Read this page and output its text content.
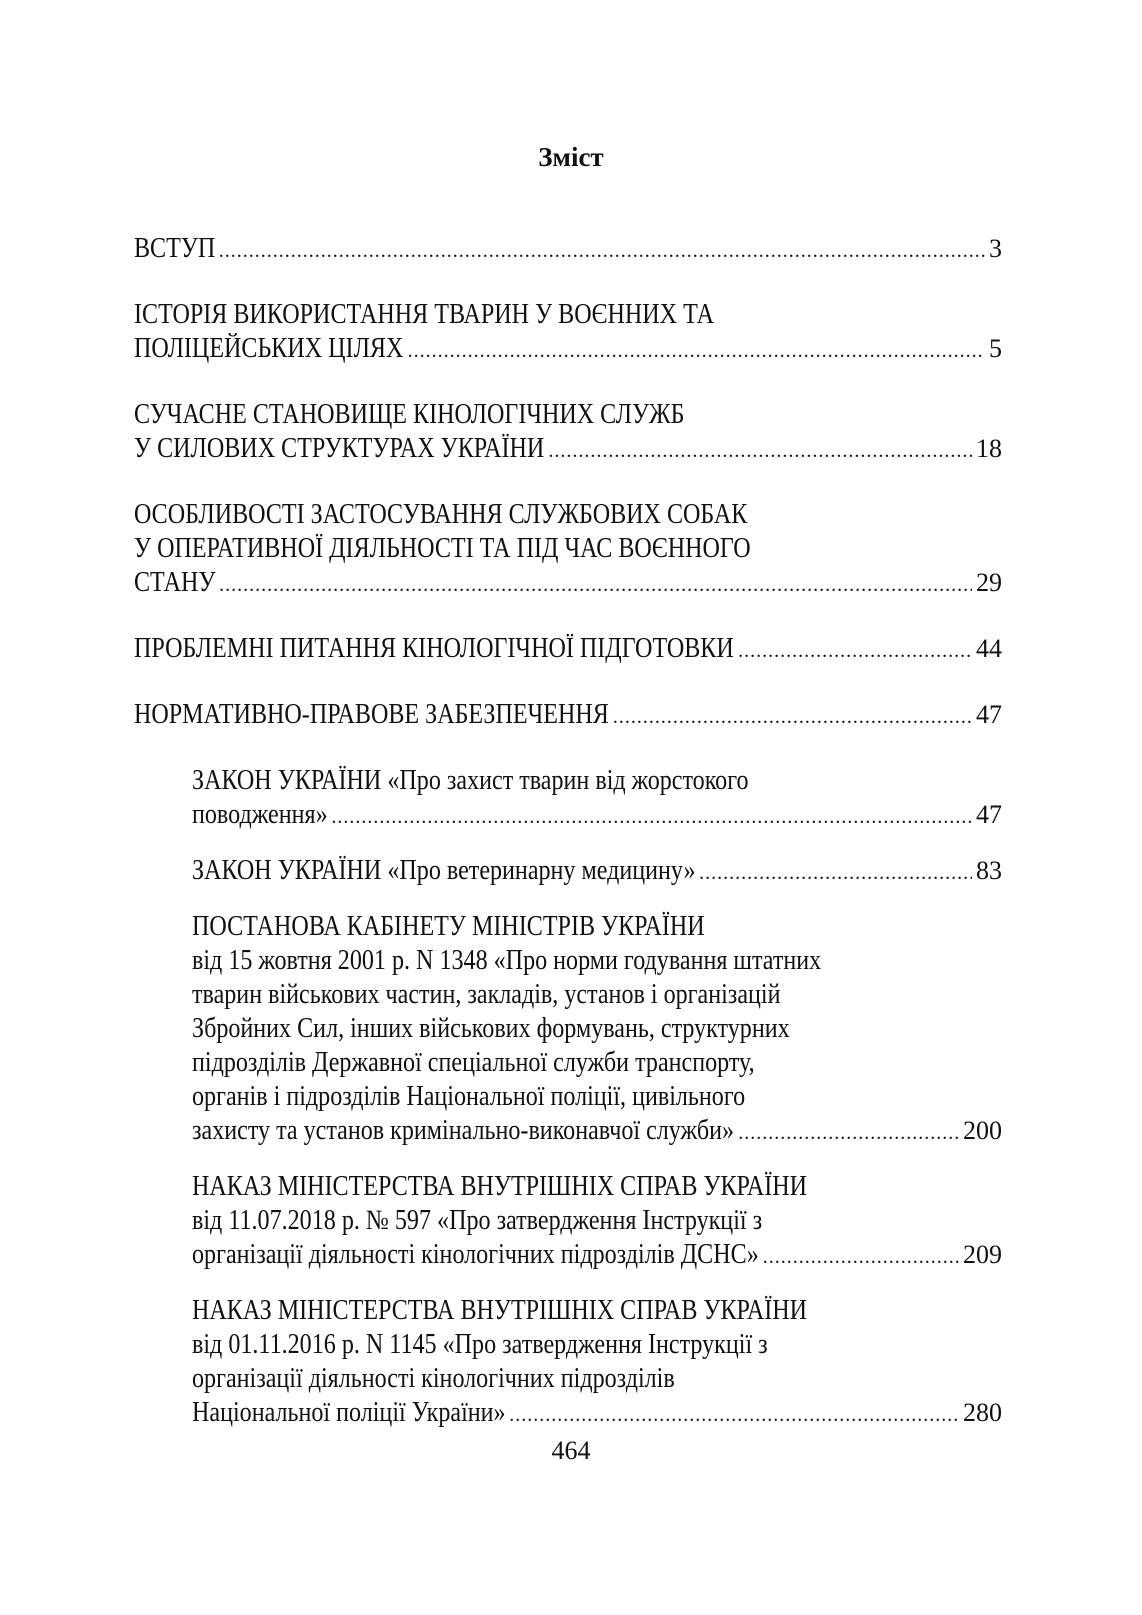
Зміст
ВСТУП .....	3
ІСТОРІЯ ВИКОРИСТАННЯ ТВАРИН У ВОЄННИХ ТА
ПОЛІЦЕЙСЬКИХ ЦІЛЯХ .....	5
СУЧАСНЕ СТАНОВИЩЕ КІНОЛОГІЧНИХ СЛУЖБ
У СИЛОВИХ СТРУКТУРАХ УКРАЇНИ .....	18
ОСОБЛИВОСТІ ЗАСТОСУВАННЯ СЛУЖБОВИХ СОБАК
У ОПЕРАТИВНОЇ ДІЯЛЬНОСТІ ТА ПІД ЧАС ВОЄННОГО
СТАНУ .....	29
ПРОБЛЕМНІ ПИТАННЯ КІНОЛОГІЧНОЇ ПІДГОТОВКИ .....	44
НОРМАТИВНО-ПРАВОВЕ ЗАБЕЗПЕЧЕННЯ .....	47
ЗАКОН УКРАЇНИ «Про захист тварин від жорстокого
поводження» .....	47
ЗАКОН УКРАЇНИ «Про ветеринарну медицину» .....	83
ПОСТАНОВА КАБІНЕТУ МІНІСТРІВ УКРАЇНИ
від 15 жовтня 2001 р. N 1348 «Про норми годування штатних
тварин військових частин, закладів, установ і організацій
Збройних Сил, інших військових формувань, структурних
підрозділів Державної спеціальної служби транспорту,
органів і підрозділів Національної поліції, цивільного
захисту та установ кримінально-виконавчої служби» .....	200
НАКАЗ МІНІСТЕРСТВА ВНУТРІШНІХ СПРАВ УКРАЇНИ
від 11.07.2018 р. № 597 «Про затвердження Інструкції з
організації діяльності кінологічних підрозділів ДСНС» .....	209
НАКАЗ МІНІСТЕРСТВА ВНУТРІШНІХ СПРАВ УКРАЇНИ
від 01.11.2016 р. N 1145 «Про затвердження Інструкції з
організації діяльності кінологічних підрозділів
Національної поліції України» .....	280
464
